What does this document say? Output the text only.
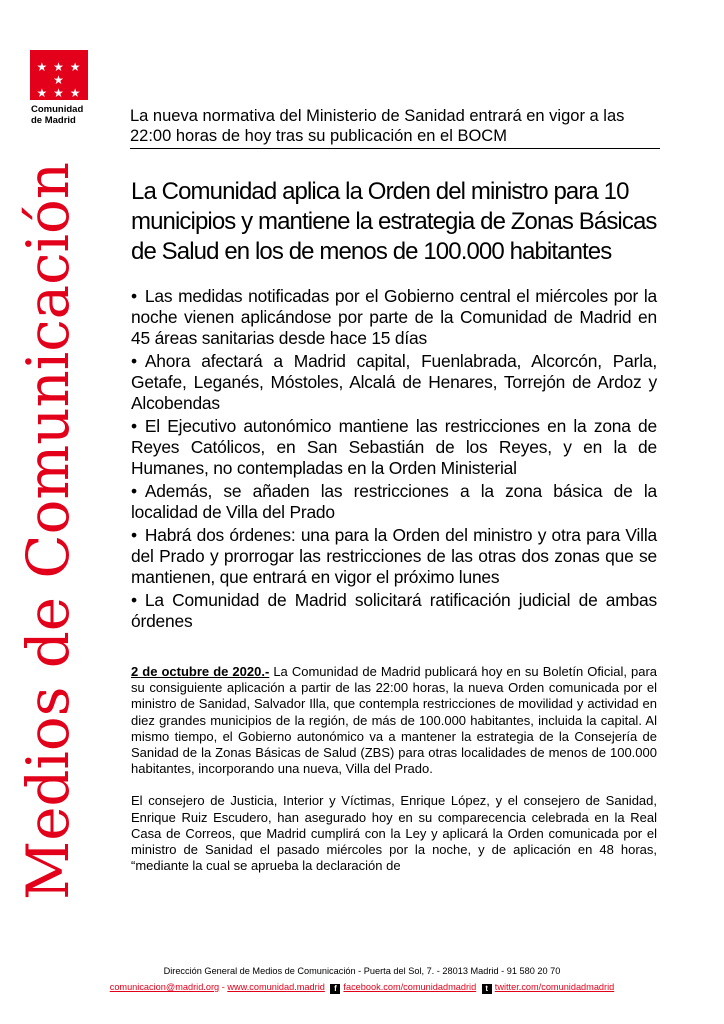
★ ★ ★ ★
★ ★ ★
Comunidad
de Madrid
Medios de Comunicación
La nueva normativa del Ministerio de Sanidad entrará en vigor a las 22:00 horas de hoy tras su publicación en el BOCM
La Comunidad aplica la Orden del ministro para 10 municipios y mantiene la estrategia de Zonas Básicas de Salud en los de menos de 100.000 habitantes

• Las medidas notificadas por el Gobierno central el miércoles por la noche vienen aplicándose por parte de la Comunidad de Madrid en 45 áreas sanitarias desde hace 15 días

• Ahora afectará a Madrid capital, Fuenlabrada, Alcorcón, Parla, Getafe, Leganés, Móstoles, Alcalá de Henares, Torrejón de Ardoz y Alcobendas

• El Ejecutivo autonómico mantiene las restricciones en la zona de Reyes Católicos, en San Sebastián de los Reyes, y en la de Humanes, no contempladas en la Orden Ministerial

• Además, se añaden las restricciones a la zona básica de la localidad de Villa del Prado

• Habrá dos órdenes: una para la Orden del ministro y otra para Villa del Prado y prorrogar las restricciones de las otras dos zonas que se mantienen, que entrará en vigor el próximo lunes

• La Comunidad de Madrid solicitará ratificación judicial de ambas órdenes

2 de octubre de 2020.- La Comunidad de Madrid publicará hoy en su Boletín Oficial, para su consiguiente aplicación a partir de las 22:00 horas, la nueva Orden comunicada por el ministro de Sanidad, Salvador Illa, que contempla restricciones de movilidad y actividad en diez grandes municipios de la región, de más de 100.000 habitantes, incluida la capital. Al mismo tiempo, el Gobierno autonómico va a mantener la estrategia de la Consejería de Sanidad de la Zonas Básicas de Salud (ZBS) para otras localidades de menos de 100.000 habitantes, incorporando una nueva, Villa del Prado.

El consejero de Justicia, Interior y Víctimas, Enrique López, y el consejero de Sanidad, Enrique Ruiz Escudero, han asegurado hoy en su comparecencia celebrada en la Real Casa de Correos, que Madrid cumplirá con la Ley y aplicará la Orden comunicada por el ministro de Sanidad el pasado miércoles por la noche, y de aplicación en 48 horas, “mediante la cual se aprueba la declaración de

Dirección General de Medios de Comunicación - Puerta del Sol, 7. - 28013 Madrid - 91 580 20 70
comunicacion@madrid.org - www.comunidad.madrid f facebook.com/comunidadmadrid t twitter.com/comunidadmadrid
